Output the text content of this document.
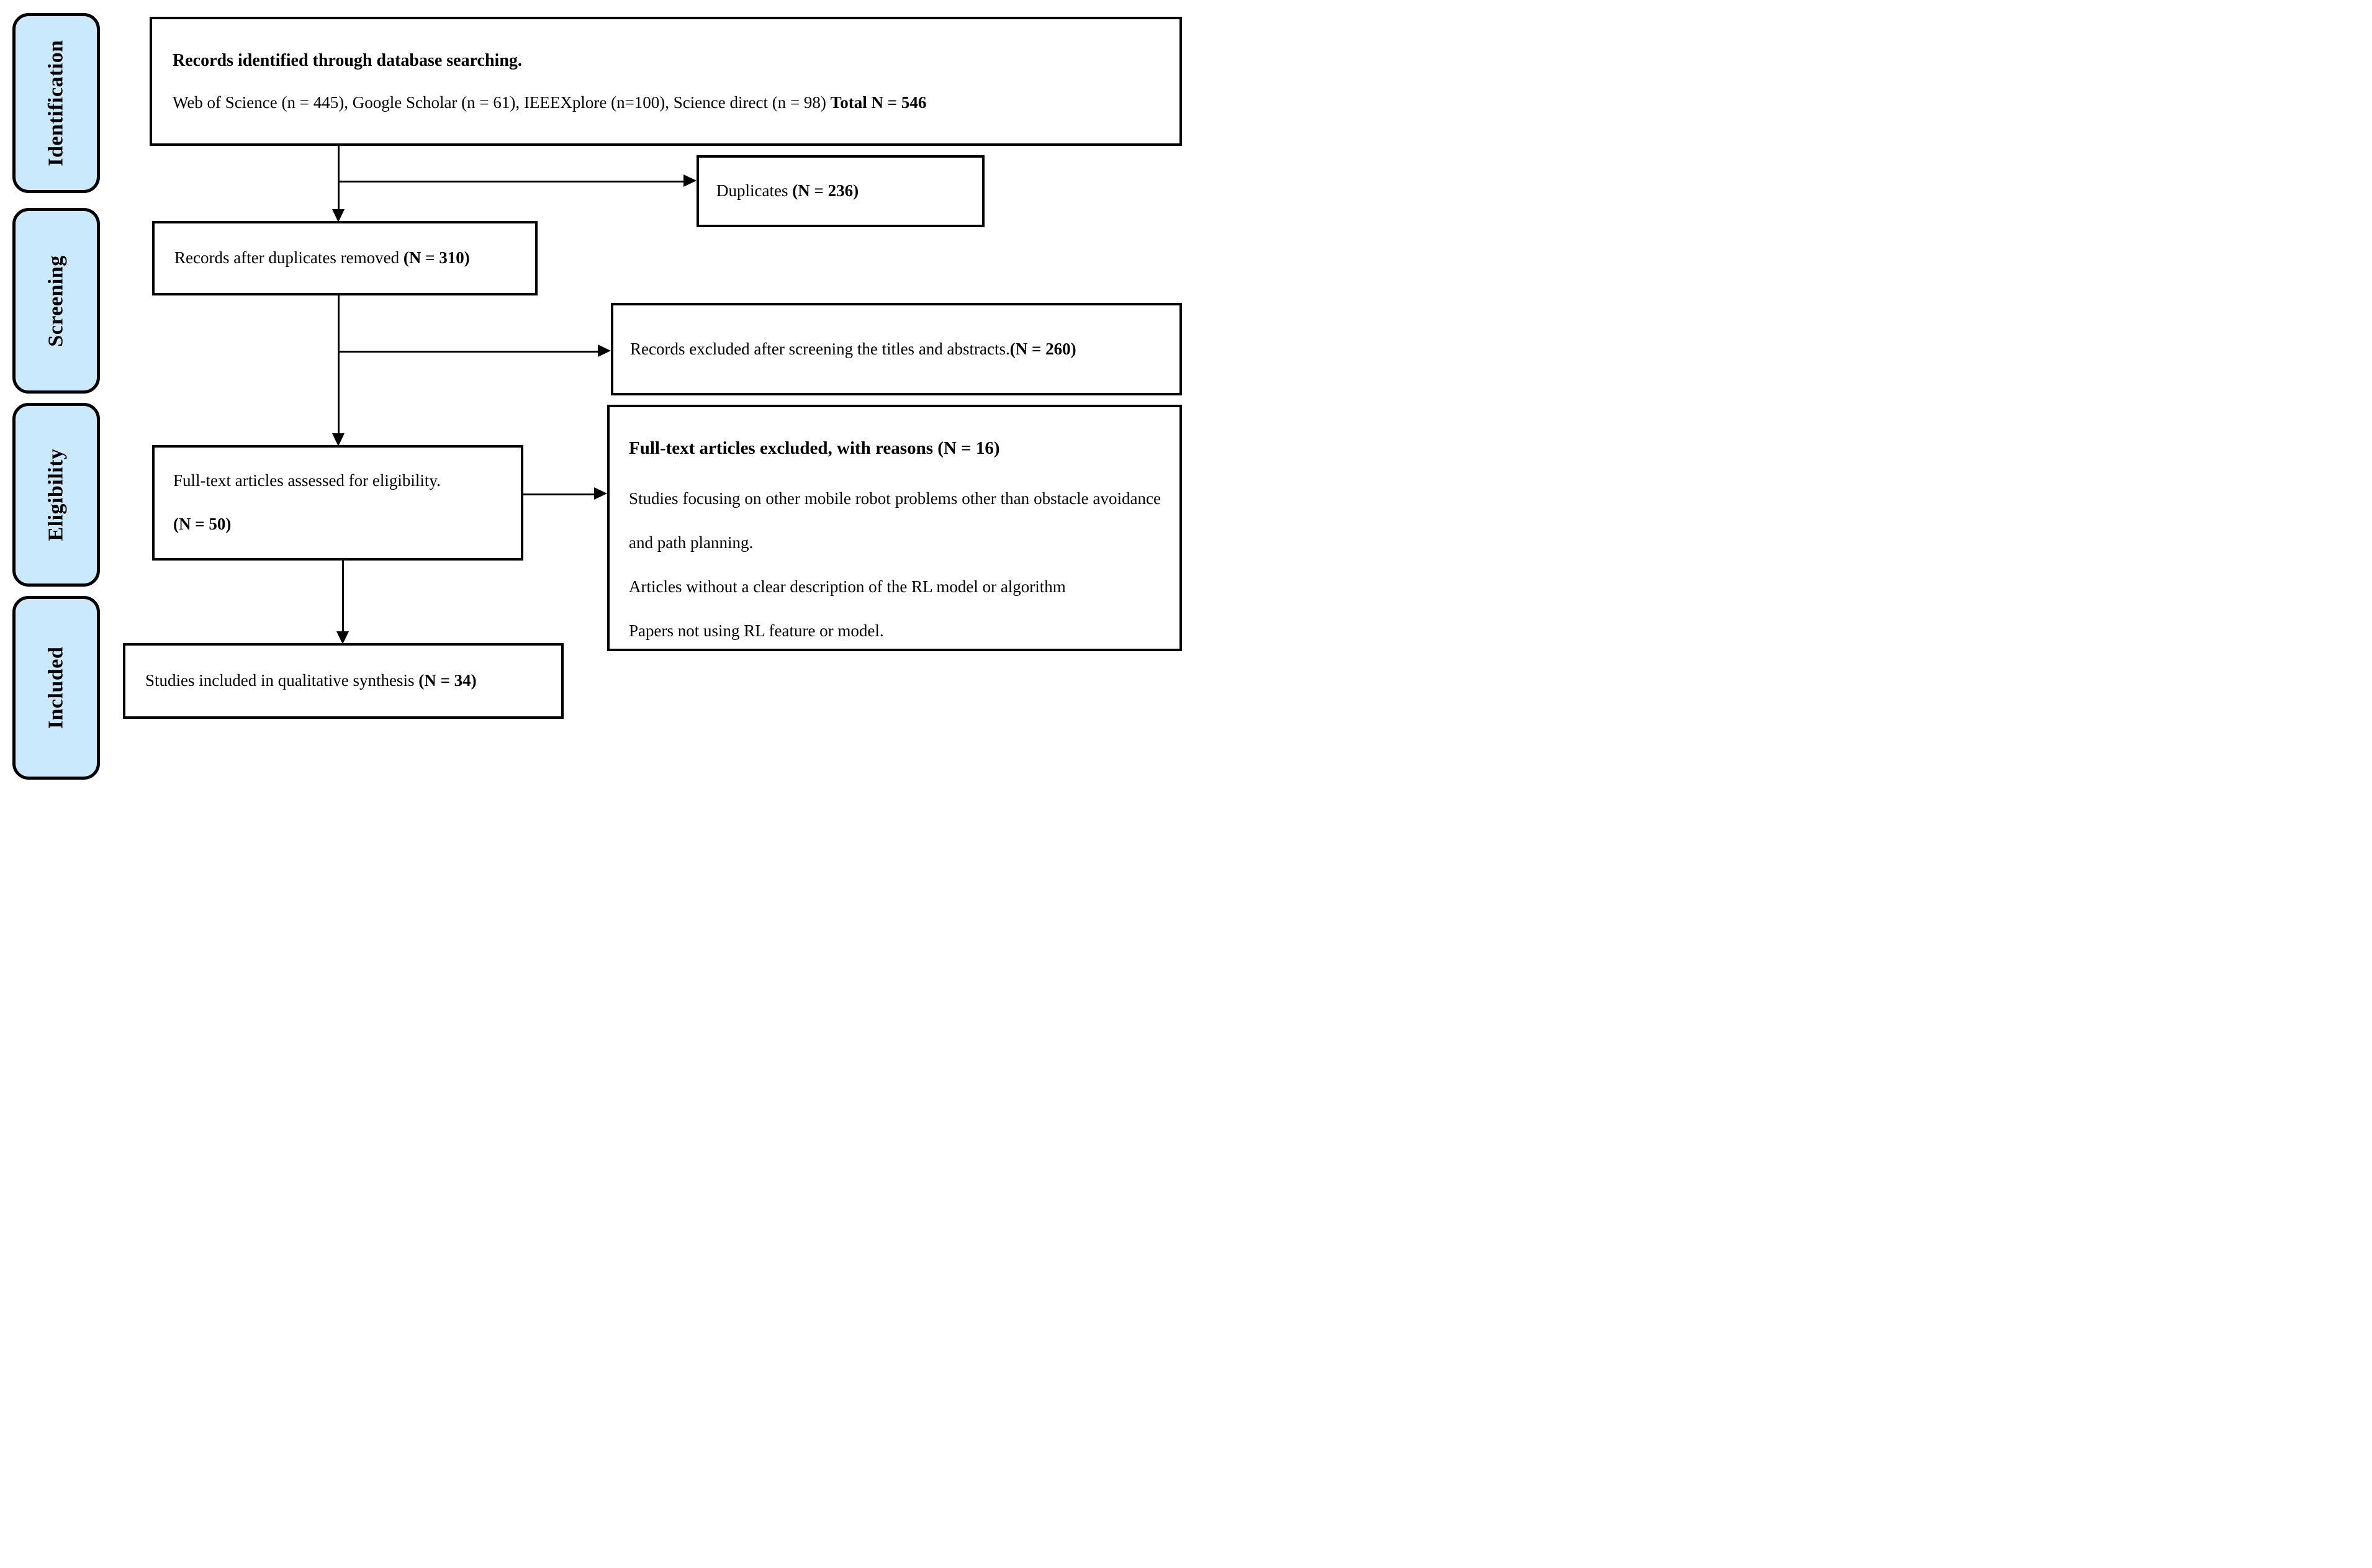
Identification
Screening
Eligibility
Included
Records identified through database searching.
Web of Science (n = 445), Google Scholar (n = 61), IEEEXplore (n=100), Science direct (n = 98) Total N = 546
Duplicates (N = 236)
Records after duplicates removed (N = 310)
Records excluded after screening the titles and abstracts.(N = 260)
Full-text articles assessed for eligibility.
(N = 50)

Full-text articles excluded, with reasons (N = 16)

Studies focusing on other mobile robot problems other than obstacle avoidance and path planning.

Articles without a clear description of the RL model or algorithm

Papers not using RL feature or model.

Studies included in qualitative synthesis (N = 34)
